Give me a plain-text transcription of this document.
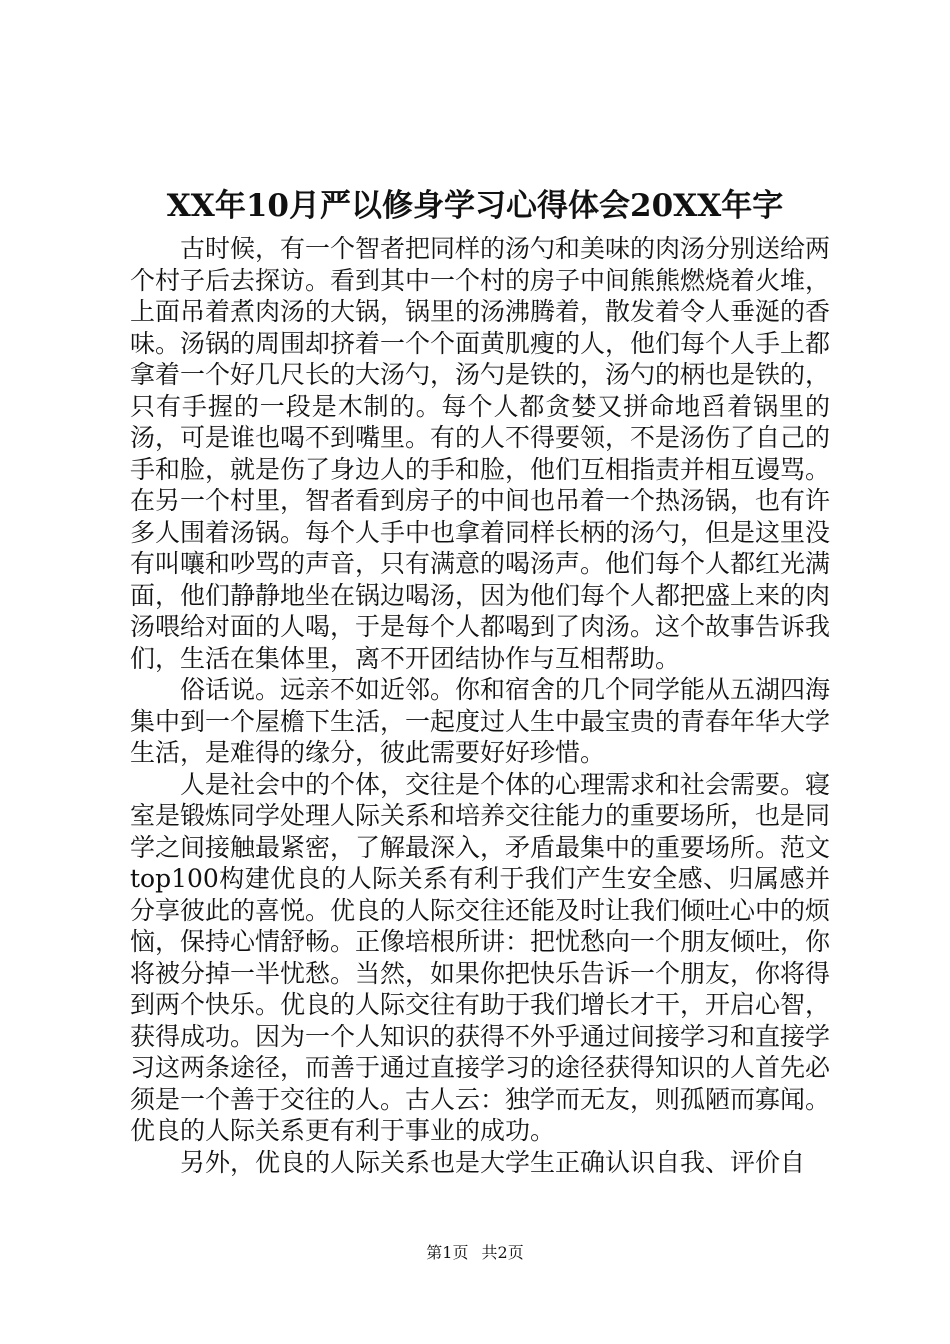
XX年10月严以修身学习心得体会20XX年字

古时候，有一个智者把同样的汤勺和美味的肉汤分别送给两个村子后去探访。看到其中一个村的房子中间熊熊燃烧着火堆，上面吊着煮肉汤的大锅，锅里的汤沸腾着，散发着令人垂涎的香味。汤锅的周围却挤着一个个面黄肌瘦的人，他们每个人手上都拿着一个好几尺长的大汤勺，汤勺是铁的，汤勺的柄也是铁的，只有手握的一段是木制的。每个人都贪婪又拼命地舀着锅里的汤，可是谁也喝不到嘴里。有的人不得要领，不是汤伤了自己的手和脸，就是伤了身边人的手和脸，他们互相指责并相互谩骂。在另一个村里，智者看到房子的中间也吊着一个热汤锅，也有许多人围着汤锅。每个人手中也拿着同样长柄的汤勺，但是这里没有叫嚷和吵骂的声音，只有满意的喝汤声。他们每个人都红光满面，他们静静地坐在锅边喝汤，因为他们每个人都把盛上来的肉汤喂给对面的人喝，于是每个人都喝到了肉汤。这个故事告诉我们，生活在集体里，离不开团结协作与互相帮助。

俗话说。远亲不如近邻。你和宿舍的几个同学能从五湖四海集中到一个屋檐下生活，一起度过人生中最宝贵的青春年华大学生活，是难得的缘分，彼此需要好好珍惜。

人是社会中的个体，交往是个体的心理需求和社会需要。寝室是锻炼同学处理人际关系和培养交往能力的重要场所，也是同学之间接触最紧密，了解最深入，矛盾最集中的重要场所。范文top100构建优良的人际关系有利于我们产生安全感、归属感并分享彼此的喜悦。优良的人际交往还能及时让我们倾吐心中的烦恼，保持心情舒畅。正像培根所讲：把忧愁向一个朋友倾吐，你将被分掉一半忧愁。当然，如果你把快乐告诉一个朋友，你将得到两个快乐。优良的人际交往有助于我们增长才干，开启心智，获得成功。因为一个人知识的获得不外乎通过间接学习和直接学习这两条途径，而善于通过直接学习的途径获得知识的人首先必须是一个善于交往的人。古人云：独学而无友，则孤陋而寡闻。优良的人际关系更有利于事业的成功。

另外，优良的人际关系也是大学生正确认识自我、评价自

第1页 共2页
